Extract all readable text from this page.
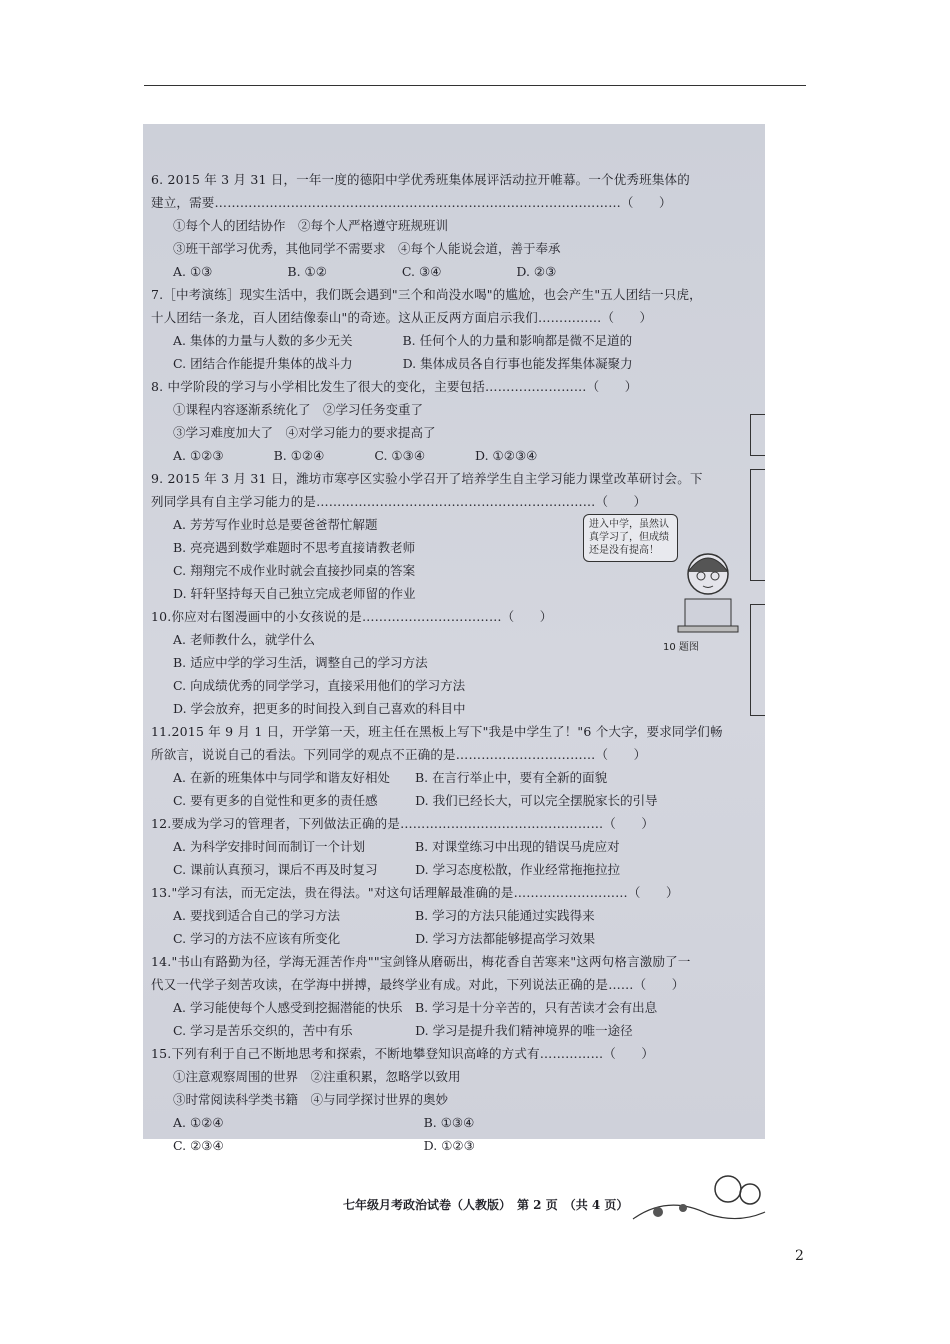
6. 2015 年 3 月 31 日，一年一度的德阳中学优秀班集体展评活动拉开帷幕。一个优秀班集体的
建立，需要……………………………………………………………………………………（　　）
①每个人的团结协作　②每个人严格遵守班规班训
③班干部学习优秀，其他同学不需要求　④每个人能说会道，善于奉承
A. ①③　　　　　　B. ①②　　　　　　C. ③④　　　　　　D. ②③
7.［中考演练］现实生活中，我们既会遇到"三个和尚没水喝"的尴尬，也会产生"五人团结一只虎，
十人团结一条龙，百人团结像泰山"的奇迹。这从正反两方面启示我们……………（　　）
A. 集体的力量与人数的多少无关　　　　B. 任何个人的力量和影响都是微不足道的
C. 团结合作能提升集体的战斗力　　　　D. 集体成员各自行事也能发挥集体凝聚力
8. 中学阶段的学习与小学相比发生了很大的变化，主要包括……………………（　　）
①课程内容逐渐系统化了　②学习任务变重了
③学习难度加大了　④对学习能力的要求提高了
A. ①②③　　　　B. ①②④　　　　C. ①③④　　　　D. ①②③④
9. 2015 年 3 月 31 日，潍坊市寒亭区实验小学召开了培养学生自主学习能力课堂改革研讨会。下
列同学具有自主学习能力的是…………………………………………………………（　　）
A. 芳芳写作业时总是要爸爸帮忙解题
B. 亮亮遇到数学难题时不思考直接请教老师
C. 翔翔完不成作业时就会直接抄同桌的答案
D. 轩轩坚持每天自己独立完成老师留的作业
10.你应对右图漫画中的小女孩说的是……………………………（　　）
A. 老师教什么，就学什么
B. 适应中学的学习生活，调整自己的学习方法
C. 向成绩优秀的同学学习，直接采用他们的学习方法
D. 学会放弃，把更多的时间投入到自己喜欢的科目中
11.2015 年 9 月 1 日，开学第一天，班主任在黑板上写下"我是中学生了！"6 个大字，要求同学们畅
所欲言，说说自己的看法。下列同学的观点不正确的是……………………………（　　）
A. 在新的班集体中与同学和谐友好相处　　B. 在言行举止中，要有全新的面貌
C. 要有更多的自觉性和更多的责任感　　　D. 我们已经长大，可以完全摆脱家长的引导
12.要成为学习的管理者，下列做法正确的是…………………………………………（　　）
A. 为科学安排时间而制订一个计划　　　　B. 对课堂练习中出现的错误马虎应对
C. 课前认真预习，课后不再及时复习　　　D. 学习态度松散，作业经常拖拖拉拉
13."学习有法，而无定法，贵在得法。"对这句话理解最准确的是………………………（　　）
A. 要找到适合自己的学习方法　　　　　　B. 学习的方法只能通过实践得来
C. 学习的方法不应该有所变化　　　　　　D. 学习方法都能够提高学习效果
14."书山有路勤为径，学海无涯苦作舟""宝剑锋从磨砺出，梅花香自苦寒来"这两句格言激励了一
代又一代学子刻苦攻读，在学海中拼搏，最终学业有成。对此，下列说法正确的是……（　　）
A. 学习能使每个人感受到挖掘潜能的快乐　B. 学习是十分辛苦的，只有苦读才会有出息
C. 学习是苦乐交织的，苦中有乐　　　　　D. 学习是提升我们精神境界的唯一途径
15.下列有利于自己不断地思考和探索，不断地攀登知识高峰的方式有……………（　　）
①注意观察周围的世界　②注重积累，忽略学以致用
③时常阅读科学类书籍　④与同学探讨世界的奥妙
A. ①②④　　　　　　　　　　　　　　　　B. ①③④
C. ②③④　　　　　　　　　　　　　　　　D. ①②③
进入中学，虽然认真学习了，但成绩还是没有提高！
10 题图
七年级月考政治试卷（人教版）　第 2 页　（共 4 页）
2
